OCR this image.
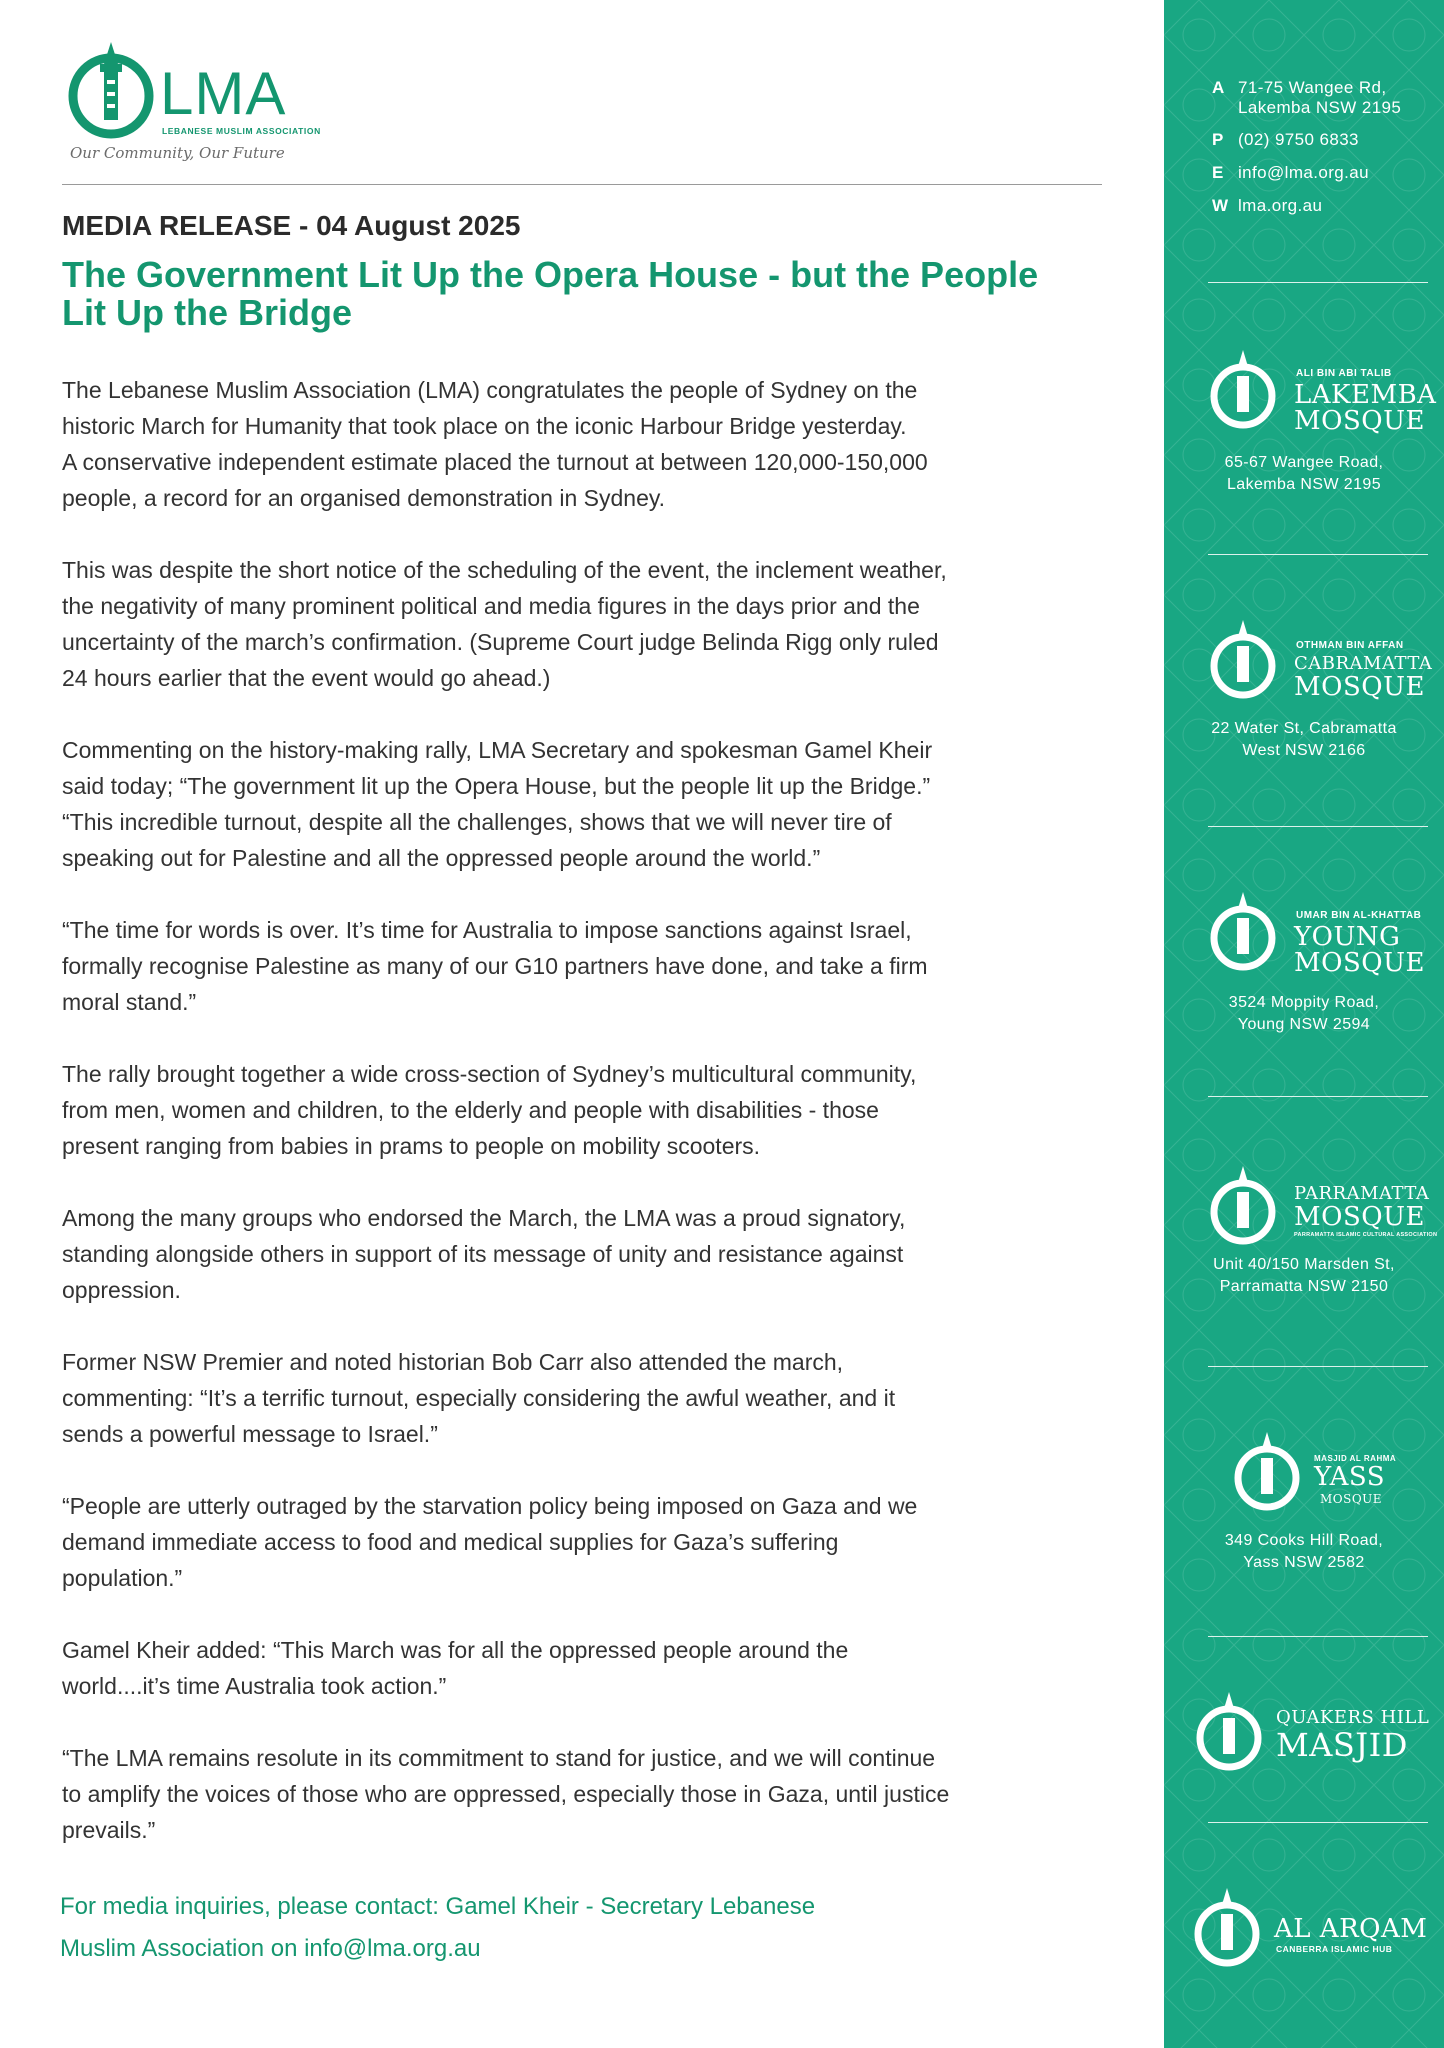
LMA
LEBANESE MUSLIM ASSOCIATION
Our Community, Our Future
MEDIA RELEASE - 04 August 2025
The Government Lit Up the Opera House - but the People
Lit Up the Bridge
The Lebanese Muslim Association (LMA) congratulates the people of Sydney on the
historic March for Humanity that took place on the iconic Harbour Bridge yesterday.
A conservative independent estimate placed the turnout at between 120,000-150,000
people, a record for an organised demonstration in Sydney.
This was despite the short notice of the scheduling of the event, the inclement weather,
the negativity of many prominent political and media figures in the days prior and the
uncertainty of the march’s confirmation. (Supreme Court judge Belinda Rigg only ruled
24 hours earlier that the event would go ahead.)
Commenting on the history-making rally, LMA Secretary and spokesman Gamel Kheir
said today; “The government lit up the Opera House, but the people lit up the Bridge.”
“This incredible turnout, despite all the challenges, shows that we will never tire of
speaking out for Palestine and all the oppressed people around the world.”
“The time for words is over. It’s time for Australia to impose sanctions against Israel,
formally recognise Palestine as many of our G10 partners have done, and take a firm
moral stand.”
The rally brought together a wide cross-section of Sydney’s multicultural community,
from men, women and children, to the elderly and people with disabilities - those
present ranging from babies in prams to people on mobility scooters.
Among the many groups who endorsed the March, the LMA was a proud signatory,
standing alongside others in support of its message of unity and resistance against
oppression.
Former NSW Premier and noted historian Bob Carr also attended the march,
commenting: “It’s a terrific turnout, especially considering the awful weather, and it
sends a powerful message to Israel.”
“People are utterly outraged by the starvation policy being imposed on Gaza and we
demand immediate access to food and medical supplies for Gaza’s suffering
population.”
Gamel Kheir added: “This March was for all the oppressed people around the
world....it’s time Australia took action.”
“The LMA remains resolute in its commitment to stand for justice, and we will continue
to amplify the voices of those who are oppressed, especially those in Gaza, until justice
prevails.”
For media inquiries, please contact: Gamel Kheir - Secretary Lebanese
Muslim Association on info@lma.org.au
A 71-75 Wangee Rd,
Lakemba NSW 2195
P (02) 9750 6833
E info@lma.org.au
W lma.org.au
ALI BIN ABI TALIB
LAKEMBA
MOSQUE
65-67 Wangee Road,
Lakemba NSW 2195
OTHMAN BIN AFFAN
CABRAMATTA
MOSQUE
22 Water St, Cabramatta
West NSW 2166
UMAR BIN AL-KHATTAB
YOUNG
MOSQUE
3524 Moppity Road,
Young NSW 2594
PARRAMATTA
MOSQUE
PARRAMATTA ISLAMIC CULTURAL ASSOCIATION
Unit 40/150 Marsden St,
Parramatta NSW 2150
MASJID AL RAHMA
YASS
MOSQUE
349 Cooks Hill Road,
Yass NSW 2582
QUAKERS HILL
MASJID
AL ARQAM
CANBERRA ISLAMIC HUB
